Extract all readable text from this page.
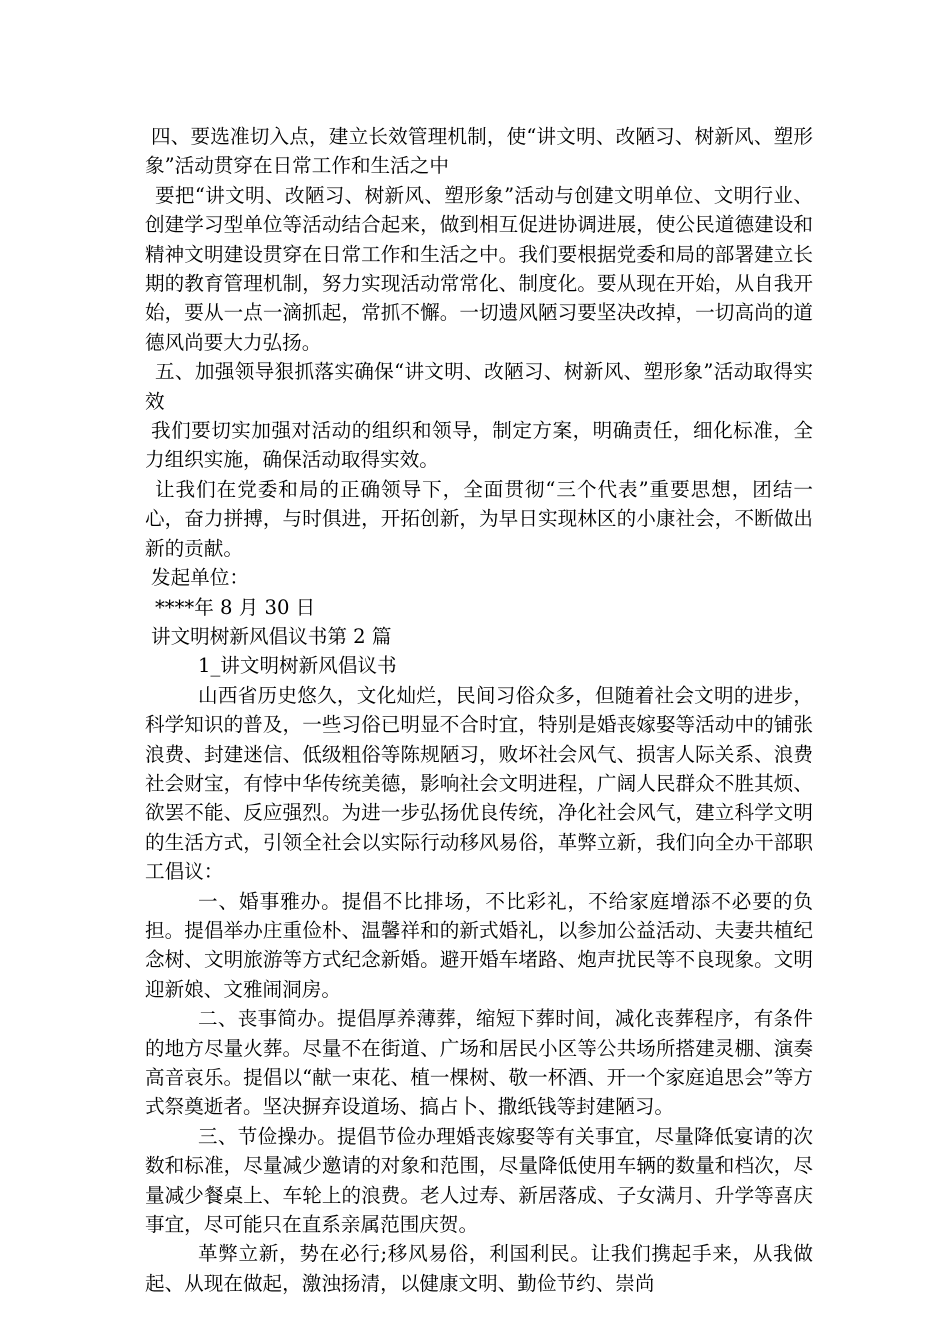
四、要选准切入点，建立长效管理机制，使“讲文明、改陋习、树新风、塑形象”活动贯穿在日常工作和生活之中

要把“讲文明、改陋习、树新风、塑形象”活动与创建文明单位、文明行业、创建学习型单位等活动结合起来，做到相互促进协调进展，使公民道德建设和精神文明建设贯穿在日常工作和生活之中。我们要根据党委和局的部署建立长期的教育管理机制，努力实现活动常常化、制度化。要从现在开始，从自我开始，要从一点一滴抓起，常抓不懈。一切遗风陋习要坚决改掉，一切高尚的道德风尚要大力弘扬。

五、加强领导狠抓落实确保“讲文明、改陋习、树新风、塑形象”活动取得实效

我们要切实加强对活动的组织和领导，制定方案，明确责任，细化标准，全力组织实施，确保活动取得实效。

让我们在党委和局的正确领导下，全面贯彻“三个代表”重要思想，团结一心，奋力拼搏，与时俱进，开拓创新，为早日实现林区的小康社会，不断做出新的贡献。

发起单位：

****年 8 月 30 日

讲文明树新风倡议书第 2 篇

1_讲文明树新风倡议书

山西省历史悠久，文化灿烂，民间习俗众多，但随着社会文明的进步，科学知识的普及，一些习俗已明显不合时宜，特别是婚丧嫁娶等活动中的铺张浪费、封建迷信、低级粗俗等陈规陋习，败坏社会风气、损害人际关系、浪费社会财宝，有悖中华传统美德，影响社会文明进程，广阔人民群众不胜其烦、欲罢不能、反应强烈。为进一步弘扬优良传统，净化社会风气，建立科学文明的生活方式，引领全社会以实际行动移风易俗，革弊立新，我们向全办干部职工倡议：

一、婚事雅办。提倡不比排场，不比彩礼，不给家庭增添不必要的负担。提倡举办庄重俭朴、温馨祥和的新式婚礼，以参加公益活动、夫妻共植纪念树、文明旅游等方式纪念新婚。避开婚车堵路、炮声扰民等不良现象。文明迎新娘、文雅闹洞房。

二、丧事简办。提倡厚养薄葬，缩短下葬时间，减化丧葬程序，有条件的地方尽量火葬。尽量不在街道、广场和居民小区等公共场所搭建灵棚、演奏高音哀乐。提倡以“献一束花、植一棵树、敬一杯酒、开一个家庭追思会”等方式祭奠逝者。坚决摒弃设道场、搞占卜、撒纸钱等封建陋习。

三、节俭操办。提倡节俭办理婚丧嫁娶等有关事宜，尽量降低宴请的次数和标准，尽量减少邀请的对象和范围，尽量降低使用车辆的数量和档次，尽量减少餐桌上、车轮上的浪费。老人过寿、新居落成、子女满月、升学等喜庆事宜，尽可能只在直系亲属范围庆贺。

革弊立新，势在必行;移风易俗，利国利民。让我们携起手来，从我做起、从现在做起，激浊扬清，以健康文明、勤俭节约、崇尚
